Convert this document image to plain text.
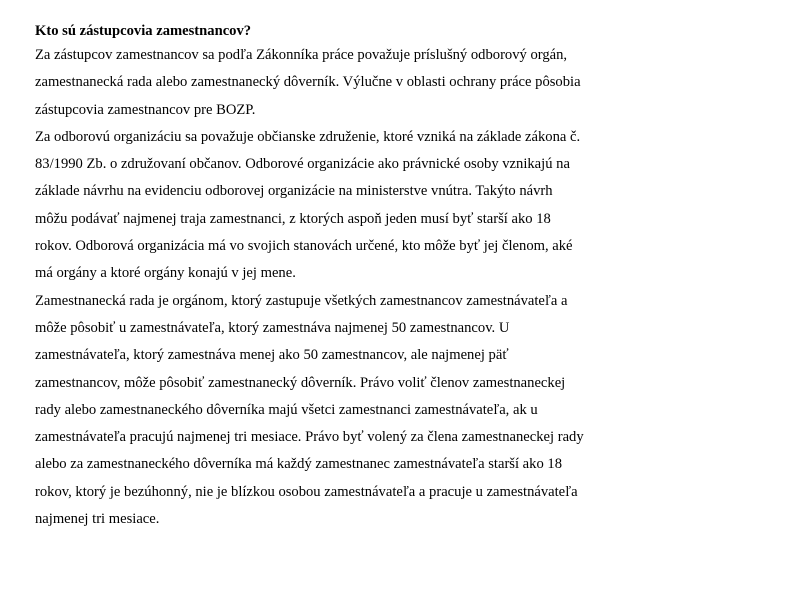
Kto sú zástupcovia zamestnancov?
Za zástupcov zamestnancov sa podľa Zákonníka práce považuje príslušný odborový orgán,
zamestnanecká rada alebo zamestnanecký dôverník. Výlučne v oblasti ochrany práce pôsobia
zástupcovia zamestnancov pre BOZP.
Za odborovú organizáciu sa považuje občianske združenie, ktoré vzniká na základe zákona č.
83/1990 Zb. o združovaní občanov. Odborové organizácie ako právnické osoby vznikajú na
základe návrhu na evidenciu odborovej organizácie na ministerstve vnútra. Takýto návrh
môžu podávať najmenej traja zamestnanci, z ktorých aspoň jeden musí byť starší ako 18
rokov. Odborová organizácia má vo svojich stanovách určené, kto môže byť jej členom, aké
má orgány a ktoré orgány konajú v jej mene.
Zamestnanecká rada je orgánom, ktorý zastupuje všetkých zamestnancov zamestnávateľa a
môže pôsobiť u zamestnávateľa, ktorý zamestnáva najmenej 50 zamestnancov. U
zamestnávateľa, ktorý zamestnáva menej ako 50 zamestnancov, ale najmenej päť
zamestnancov, môže pôsobiť zamestnanecký dôverník. Právo voliť členov zamestnaneckej
rady alebo zamestnaneckého dôverníka majú všetci zamestnanci zamestnávateľa, ak u
zamestnávateľa pracujú najmenej tri mesiace. Právo byť volený za člena zamestnaneckej rady
alebo za zamestnaneckého dôverníka má každý zamestnanec zamestnávateľa starší ako 18
rokov, ktorý je bezúhonný, nie je blízkou osobou zamestnávateľa a pracuje u zamestnávateľa
najmenej tri mesiace.
